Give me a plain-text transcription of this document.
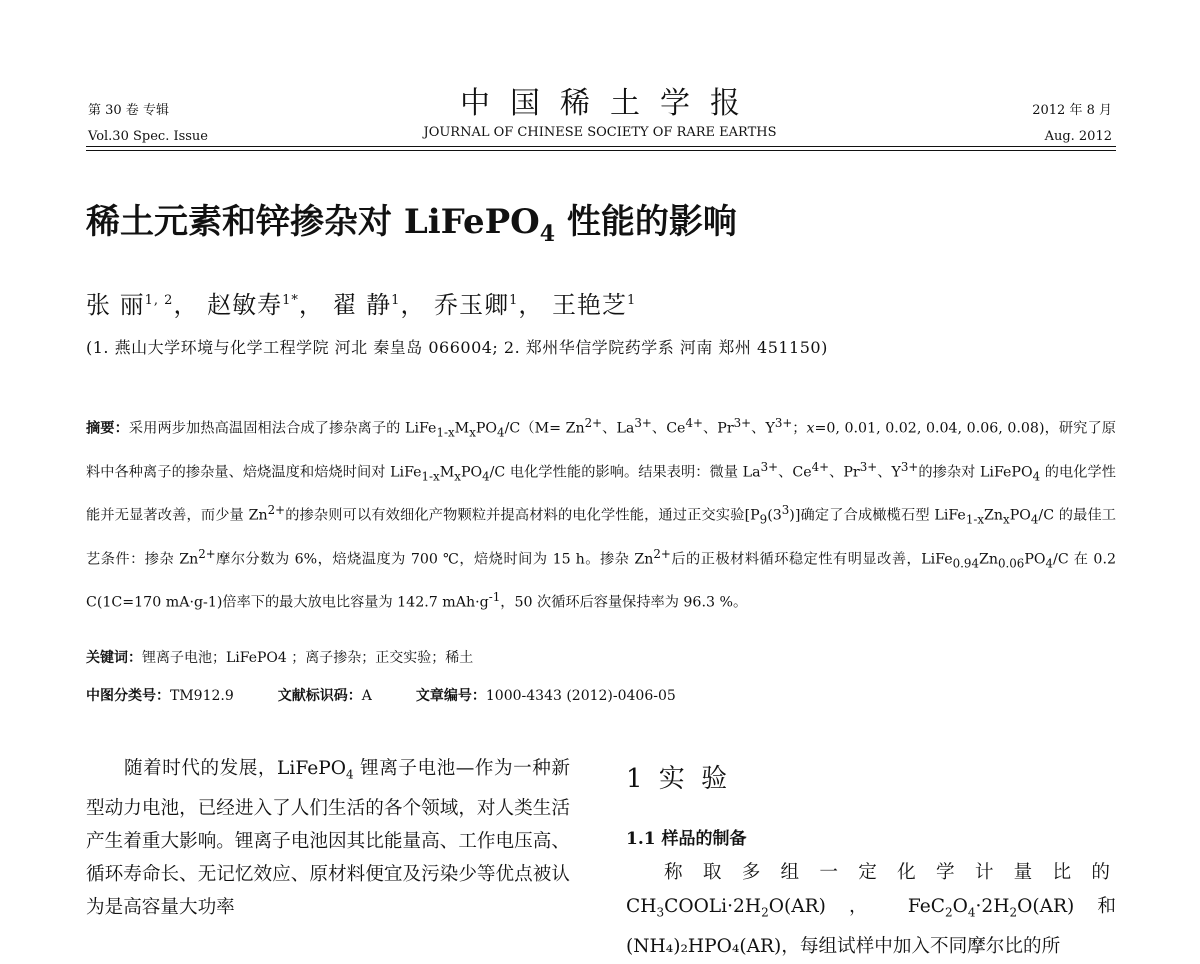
第 30 卷 专辑
Vol.30 Spec. Issue
中国稀土学报
JOURNAL OF CHINESE SOCIETY OF RARE EARTHS
2012 年 8 月
Aug. 2012
稀土元素和锌掺杂对 LiFePO$_4$ 性能的影响
张 丽$^{1, 2}$， 赵敏寿$^{1*}$， 翟 静$^1$， 乔玉卿$^1$， 王艳芝$^1$
(1. 燕山大学环境与化学工程学院 河北 秦皇岛 066004; 2. 郑州华信学院药学系 河南 郑州 451150)
摘要：采用两步加热高温固相法合成了掺杂离子的 $LiFe_{1-x}M_xPO_4/C(M= Zn^{2+}$、$La^{3+}$、$Ce^{4+}$、$Pr^{3+}$、$Y^{3+}$；x=0, 0.01, 0.02, 0.04, 0.06, 0.08)，研究了原料中各种离子的掺杂量、焙烧温度和焙烧时间对 $LiFe_{1-x}M_xPO_4/C$ 电化学性能的影响。结果表明：微量 $La^{3+}$、$Ce^{4+}$、$Pr^{3+}$、$Y^{3+}$的掺杂对 LiFePO$_4$ 的电化学性能并无显著改善，而少量 $Zn^{2+}$的掺杂则可以有效细化产物颗粒并提高材料的电化学性能，通过正交实验$[P_9(3^3)]$确定了合成橄榄石型 $LiFe_{1-x}Zn_xPO_4/C$ 的最佳工艺条件：掺杂 $Zn^{2+}$摩尔分数为 6%，焙烧温度为 700 ℃，焙烧时间为 15 h。掺杂 $Zn^{2+}$后的正极材料循环稳定性有明显改善，$LiFe_{0.94}Zn_{0.06}PO_4/C$ 在 0.2 C(1C=170 mA·g-1)倍率下的最大放电比容量为 142.7 $mAh\cdot g^{-1}$，50 次循环后容量保持率为 96.3 %。
关键词：锂离子电池；LiFePO4 ；离子掺杂；正交实验；稀土
中图分类号：TM912.9	文献标识码：A	文章编号：1000-4343 (2012)-0406-05
随着时代的发展，LiFePO$_4$ 锂离子电池—作为一种新型动力电池，已经进入了人们生活的各个领域，对人类生活产生着重大影响。锂离子电池因其比能量高、工作电压高、循环寿命长、无记忆效应、原材料便宜及污染少等优点被认为是高容量大功率
1 实 验
1.1 样品的制备
称取多组一定化学计量比的
$CH_3COOLi\cdot 2H_2O(AR)$ ， $FeC_2O_4\cdot 2H_2O(AR)$ 和
(NH₄)₂HPO₄(AR)，每组试样中加入不同摩尔比的所
